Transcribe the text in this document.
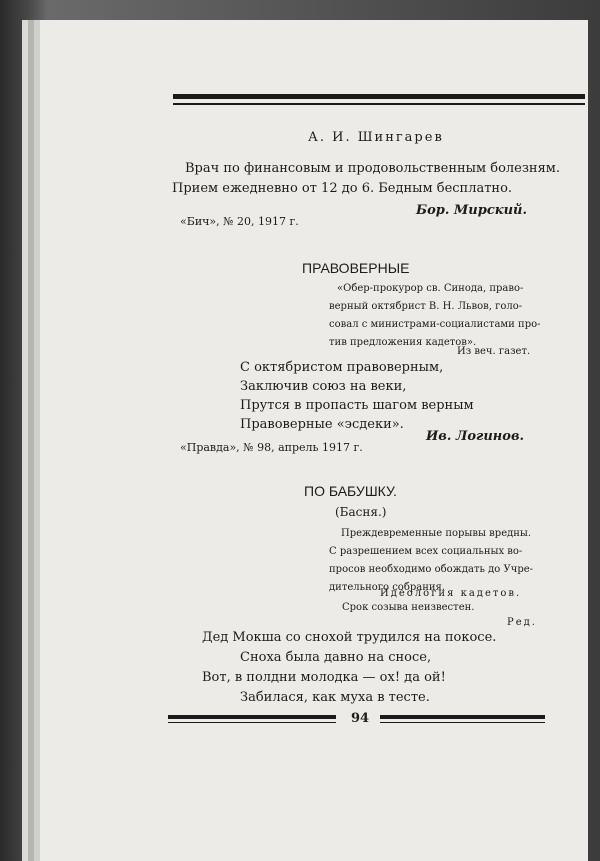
А. И. Шингарев
Врач по финансовым и продовольственным болезням.
Прием ежедневно от 12 до 6. Бедным бесплатно.
Бор. Мирский.
«Бич», № 20, 1917 г.
ПРАВОВЕРНЫЕ
«Обер-прокурор св. Синода, право-
верный октябрист В. Н. Львов, голо-
совал с министрами-социалистами про-
тив предложения кадетов».
Из веч. газет.
С октябристом правоверным,
Заключив союз на веки,
Прутся в пропасть шагом верным
Правоверные «эсдеки».
Ив. Логинов.
«Правда», № 98, апрель 1917 г.
ПО БАБУШКУ.
(Басня.)
Преждевременные порывы вредны.
С разрешением всех социальных во-
просов необходимо обождать до Учре-
дительного собрания.
Идеология кадетов.
Срок созыва неизвестен.
Ред.
Дед Мокша со снохой трудился на покосе.
Сноха была давно на сносе,
Вот, в полдни молодка — ох! да ой!
Забилася, как муха в тесте.
94
